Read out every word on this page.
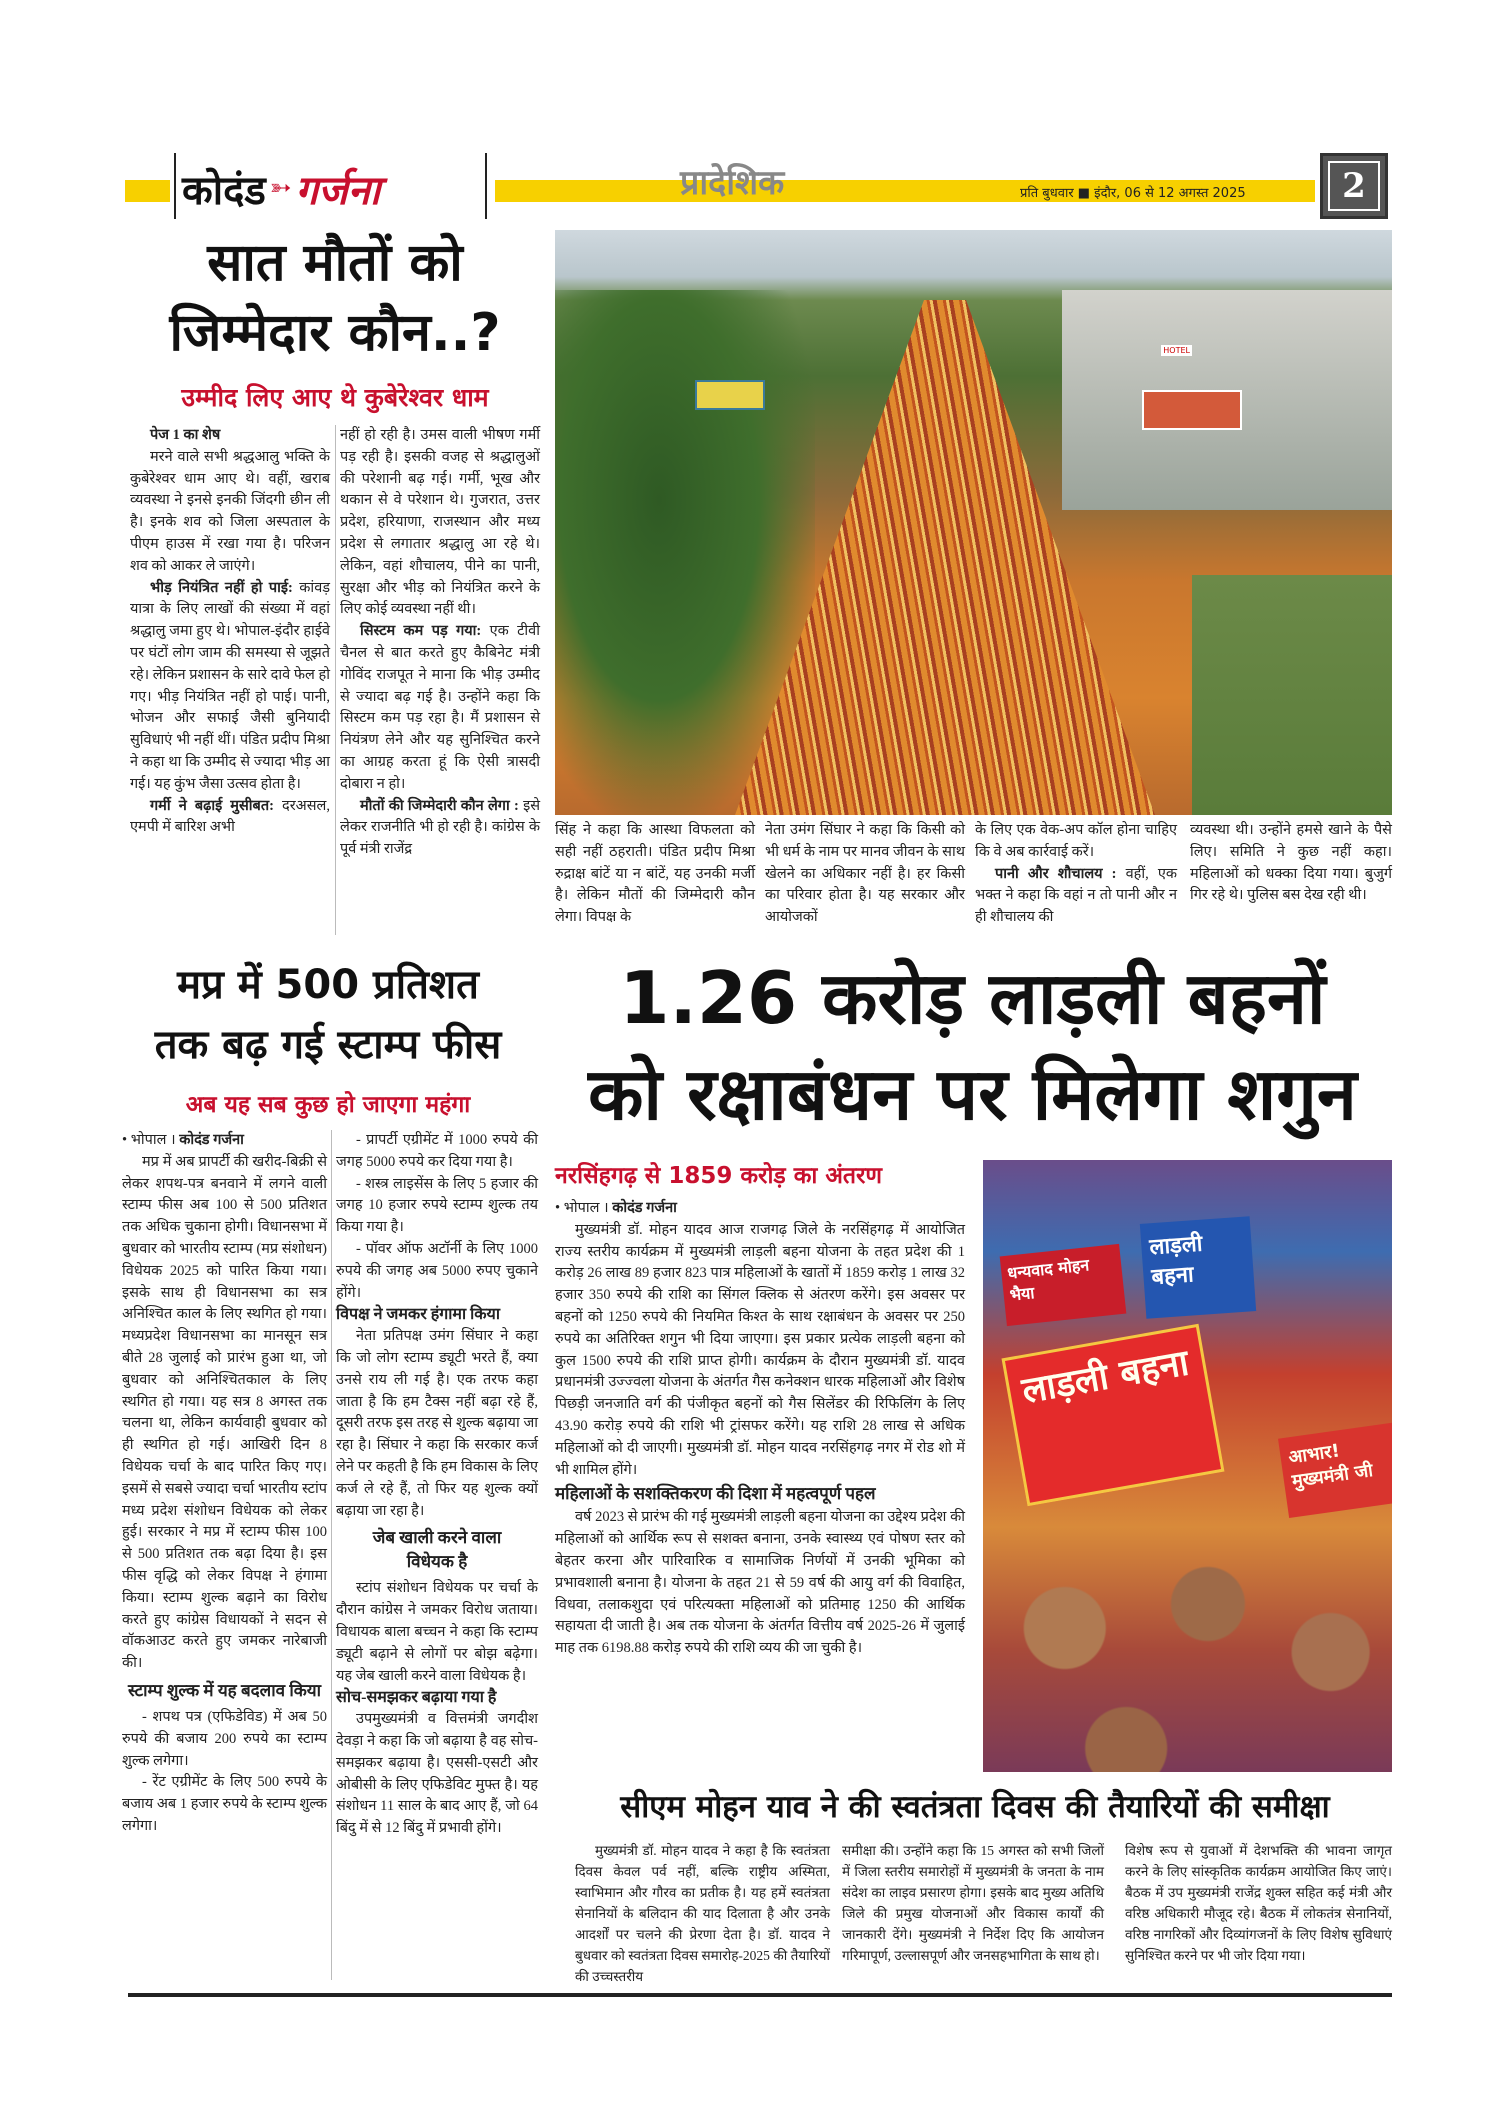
कोदंड ➳ गर्जना	प्रादेशिक	प्रति बुधवार ■ इंदौर, 06 से 12 अगस्त 2025	2
सात मौतों को
जिम्मेदार कौन..?
उम्मीद लिए आए थे कुबेरेश्वर धाम
पेज 1 का शेष

मरने वाले सभी श्रद्धआलु भक्ति के कुबेरेश्वर धाम आए थे। वहीं, खराब व्यवस्था ने इनसे इनकी जिंदगी छीन ली है। इनके शव को जिला अस्पताल के पीएम हाउस में रखा गया है। परिजन शव को आकर ले जाएंगे।

भीड़ नियंत्रित नहीं हो पाई: कांवड़ यात्रा के लिए लाखों की संख्या में वहां श्रद्धालु जमा हुए थे। भोपाल-इंदौर हाईवे पर घंटों लोग जाम की समस्या से जूझते रहे। लेकिन प्रशासन के सारे दावे फेल हो गए। भीड़ नियंत्रित नहीं हो पाई। पानी, भोजन और सफाई जैसी बुनियादी सुविधाएं भी नहीं थीं। पंडित प्रदीप मिश्रा ने कहा था कि उम्मीद से ज्यादा भीड़ आ गई। यह कुंभ जैसा उत्सव होता है।

गर्मी ने बढ़ाई मुसीबत: दरअसल, एमपी में बारिश अभी

नहीं हो रही है। उमस वाली भीषण गर्मी पड़ रही है। इसकी वजह से श्रद्धालुओं की परेशानी बढ़ गई। गर्मी, भूख और थकान से वे परेशान थे। गुजरात, उत्तर प्रदेश, हरियाणा, राजस्थान और मध्य प्रदेश से लगातार श्रद्धालु आ रहे थे। लेकिन, वहां शौचालय, पीने का पानी, सुरक्षा और भीड़ को नियंत्रित करने के लिए कोई व्यवस्था नहीं थी।

सिस्टम कम पड़ गया: एक टीवी चैनल से बात करते हुए कैबिनेट मंत्री गोविंद राजपूत ने माना कि भीड़ उम्मीद से ज्यादा बढ़ गई है। उन्होंने कहा कि सिस्टम कम पड़ रहा है। मैं प्रशासन से नियंत्रण लेने और यह सुनिश्चित करने का आग्रह करता हूं कि ऐसी त्रासदी दोबारा न हो।

मौतों की जिम्मेदारी कौन लेगा : इसे लेकर राजनीति भी हो रही है। कांग्रेस के पूर्व मंत्री राजेंद्र

HOTEL
सिंह ने कहा कि आस्था विफलता को सही नहीं ठहराती। पंडित प्रदीप मिश्रा रुद्राक्ष बांटें या न बांटें, यह उनकी मर्जी है। लेकिन मौतों की जिम्मेदारी कौन लेगा। विपक्ष के
नेता उमंग सिंघार ने कहा कि किसी को भी धर्म के नाम पर मानव जीवन के साथ खेलने का अधिकार नहीं है। हर किसी का परिवार होता है। यह सरकार और आयोजकों
के लिए एक वेक-अप कॉल होना चाहिए कि वे अब कार्रवाई करें।

पानी और शौचालय : वहीं, एक भक्त ने कहा कि वहां न तो पानी और न ही शौचालय की

व्यवस्था थी। उन्होंने हमसे खाने के पैसे लिए। समिति ने कुछ नहीं कहा। महिलाओं को धक्का दिया गया। बुजुर्ग गिर रहे थे। पुलिस बस देख रही थी।
मप्र में 500 प्रतिशत
तक बढ़ गई स्टाम्प फीस
अब यह सब कुछ हो जाएगा महंगा
• भोपाल । कोदंड गर्जना

मप्र में अब प्रापर्टी की खरीद-बिक्री से लेकर शपथ-पत्र बनवाने में लगने वाली स्टाम्प फीस अब 100 से 500 प्रतिशत तक अधिक चुकाना होगी। विधानसभा में बुधवार को भारतीय स्टाम्प (मप्र संशोधन) विधेयक 2025 को पारित किया गया। इसके साथ ही विधानसभा का सत्र अनिश्चित काल के लिए स्थगित हो गया। मध्यप्रदेश विधानसभा का मानसून सत्र बीते 28 जुलाई को प्रारंभ हुआ था, जो बुधवार को अनिश्चितकाल के लिए स्थगित हो गया। यह सत्र 8 अगस्त तक चलना था, लेकिन कार्यवाही बुधवार को ही स्थगित हो गई। आखिरी दिन 8 विधेयक चर्चा के बाद पारित किए गए। इसमें से सबसे ज्यादा चर्चा भारतीय स्टांप मध्य प्रदेश संशोधन विधेयक को लेकर हुई। सरकार ने मप्र में स्टाम्प फीस 100 से 500 प्रतिशत तक बढ़ा दिया है। इस फीस वृद्धि को लेकर विपक्ष ने हंगामा किया। स्टाम्प शुल्क बढ़ाने का विरोध करते हुए कांग्रेस विधायकों ने सदन से वॉकआउट करते हुए जमकर नारेबाजी की।

स्टाम्प शुल्क में यह बदलाव किया

- शपथ पत्र (एफिडेविड) में अब 50 रुपये की बजाय 200 रुपये का स्टाम्प शुल्क लगेगा।

- रेंट एग्रीमेंट के लिए 500 रुपये के बजाय अब 1 हजार रुपये के स्टाम्प शुल्क लगेगा।

- प्रापर्टी एग्रीमेंट में 1000 रुपये की जगह 5000 रुपये कर दिया गया है।

- शस्त्र लाइसेंस के लिए 5 हजार की जगह 10 हजार रुपये स्टाम्प शुल्क तय किया गया है।

- पॉवर ऑफ अटॉर्नी के लिए 1000 रुपये की जगह अब 5000 रुपए चुकाने होंगे।

विपक्ष ने जमकर हंगामा किया

नेता प्रतिपक्ष उमंग सिंघार ने कहा कि जो लोग स्टाम्प ड्यूटी भरते हैं, क्या उनसे राय ली गई है। एक तरफ कहा जाता है कि हम टैक्स नहीं बढ़ा रहे हैं, दूसरी तरफ इस तरह से शुल्क बढ़ाया जा रहा है। सिंघार ने कहा कि सरकार कर्ज लेने पर कहती है कि हम विकास के लिए कर्ज ले रहे हैं, तो फिर यह शुल्क क्यों बढ़ाया जा रहा है।

जेब खाली करने वाला विधेयक है

स्टांप संशोधन विधेयक पर चर्चा के दौरान कांग्रेस ने जमकर विरोध जताया। विधायक बाला बच्चन ने कहा कि स्टाम्प ड्यूटी बढ़ाने से लोगों पर बोझ बढ़ेगा। यह जेब खाली करने वाला विधेयक है।

सोच-समझकर बढ़ाया गया है

उपमुख्यमंत्री व वित्तमंत्री जगदीश देवड़ा ने कहा कि जो बढ़ाया है वह सोच-समझकर बढ़ाया है। एससी-एसटी और ओबीसी के लिए एफिडेविट मुफ्त है। यह संशोधन 11 साल के बाद आए हैं, जो 64 बिंदु में से 12 बिंदु में प्रभावी होंगे।

1.26 करोड़ लाड़ली बहनों
को रक्षाबंधन पर मिलेगा शगुन
नरसिंहगढ़ से 1859 करोड़ का अंतरण
• भोपाल । कोदंड गर्जना

मुख्यमंत्री डॉ. मोहन यादव आज राजगढ़ जिले के नरसिंहगढ़ में आयोजित राज्य स्तरीय कार्यक्रम में मुख्यमंत्री लाड़ली बहना योजना के तहत प्रदेश की 1 करोड़ 26 लाख 89 हजार 823 पात्र महिलाओं के खातों में 1859 करोड़ 1 लाख 32 हजार 350 रुपये की राशि का सिंगल क्लिक से अंतरण करेंगे। इस अवसर पर बहनों को 1250 रुपये की नियमित किश्त के साथ रक्षाबंधन के अवसर पर 250 रुपये का अतिरिक्त शगुन भी दिया जाएगा। इस प्रकार प्रत्येक लाड़ली बहना को कुल 1500 रुपये की राशि प्राप्त होगी। कार्यक्रम के दौरान मुख्यमंत्री डॉ. यादव प्रधानमंत्री उज्ज्वला योजना के अंतर्गत गैस कनेक्शन धारक महिलाओं और विशेष पिछड़ी जनजाति वर्ग की पंजीकृत बहनों को गैस सिलेंडर की रिफिलिंग के लिए 43.90 करोड़ रुपये की राशि भी ट्रांसफर करेंगे। यह राशि 28 लाख से अधिक महिलाओं को दी जाएगी। मुख्यमंत्री डॉ. मोहन यादव नरसिंहगढ़ नगर में रोड शो में भी शामिल होंगे।

महिलाओं के सशक्तिकरण की दिशा में महत्वपूर्ण पहल

वर्ष 2023 से प्रारंभ की गई मुख्यमंत्री लाड़ली बहना योजना का उद्देश्य प्रदेश की महिलाओं को आर्थिक रूप से सशक्त बनाना, उनके स्वास्थ्य एवं पोषण स्तर को बेहतर करना और पारिवारिक व सामाजिक निर्णयों में उनकी भूमिका को प्रभावशाली बनाना है। योजना के तहत 21 से 59 वर्ष की आयु वर्ग की विवाहित, विधवा, तलाकशुदा एवं परित्यक्ता महिलाओं को प्रतिमाह 1250 की आर्थिक सहायता दी जाती है। अब तक योजना के अंतर्गत वित्तीय वर्ष 2025-26 में जुलाई माह तक 6198.88 करोड़ रुपये की राशि व्यय की जा चुकी है।

धन्यवाद मोहन भैया
लाड़ली बहना
लाड़ली बहना
आभार! मुख्यमंत्री जी
सीएम मोहन याव ने की स्वतंत्रता दिवस की तैयारियों की समीक्षा

मुख्यमंत्री डॉ. मोहन यादव ने कहा है कि स्वतंत्रता दिवस केवल पर्व नहीं, बल्कि राष्ट्रीय अस्मिता, स्वाभिमान और गौरव का प्रतीक है। यह हमें स्वतंत्रता सेनानियों के बलिदान की याद दिलाता है और उनके आदर्शों पर चलने की प्रेरणा देता है। डॉ. यादव ने बुधवार को स्वतंत्रता दिवस समारोह-2025 की तैयारियों की उच्चस्तरीय

समीक्षा की। उन्होंने कहा कि 15 अगस्त को सभी जिलों में जिला स्तरीय समारोहों में मुख्यमंत्री के जनता के नाम संदेश का लाइव प्रसारण होगा। इसके बाद मुख्य अतिथि जिले की प्रमुख योजनाओं और विकास कार्यों की जानकारी देंगे। मुख्यमंत्री ने निर्देश दिए कि आयोजन गरिमापूर्ण, उल्लासपूर्ण और जनसहभागिता के साथ हो।
विशेष रूप से युवाओं में देशभक्ति की भावना जागृत करने के लिए सांस्कृतिक कार्यक्रम आयोजित किए जाएं। बैठक में उप मुख्यमंत्री राजेंद्र शुक्ल सहित कई मंत्री और वरिष्ठ अधिकारी मौजूद रहे। बैठक में लोकतंत्र सेनानियों, वरिष्ठ नागरिकों और दिव्यांगजनों के लिए विशेष सुविधाएं सुनिश्चित करने पर भी जोर दिया गया।
